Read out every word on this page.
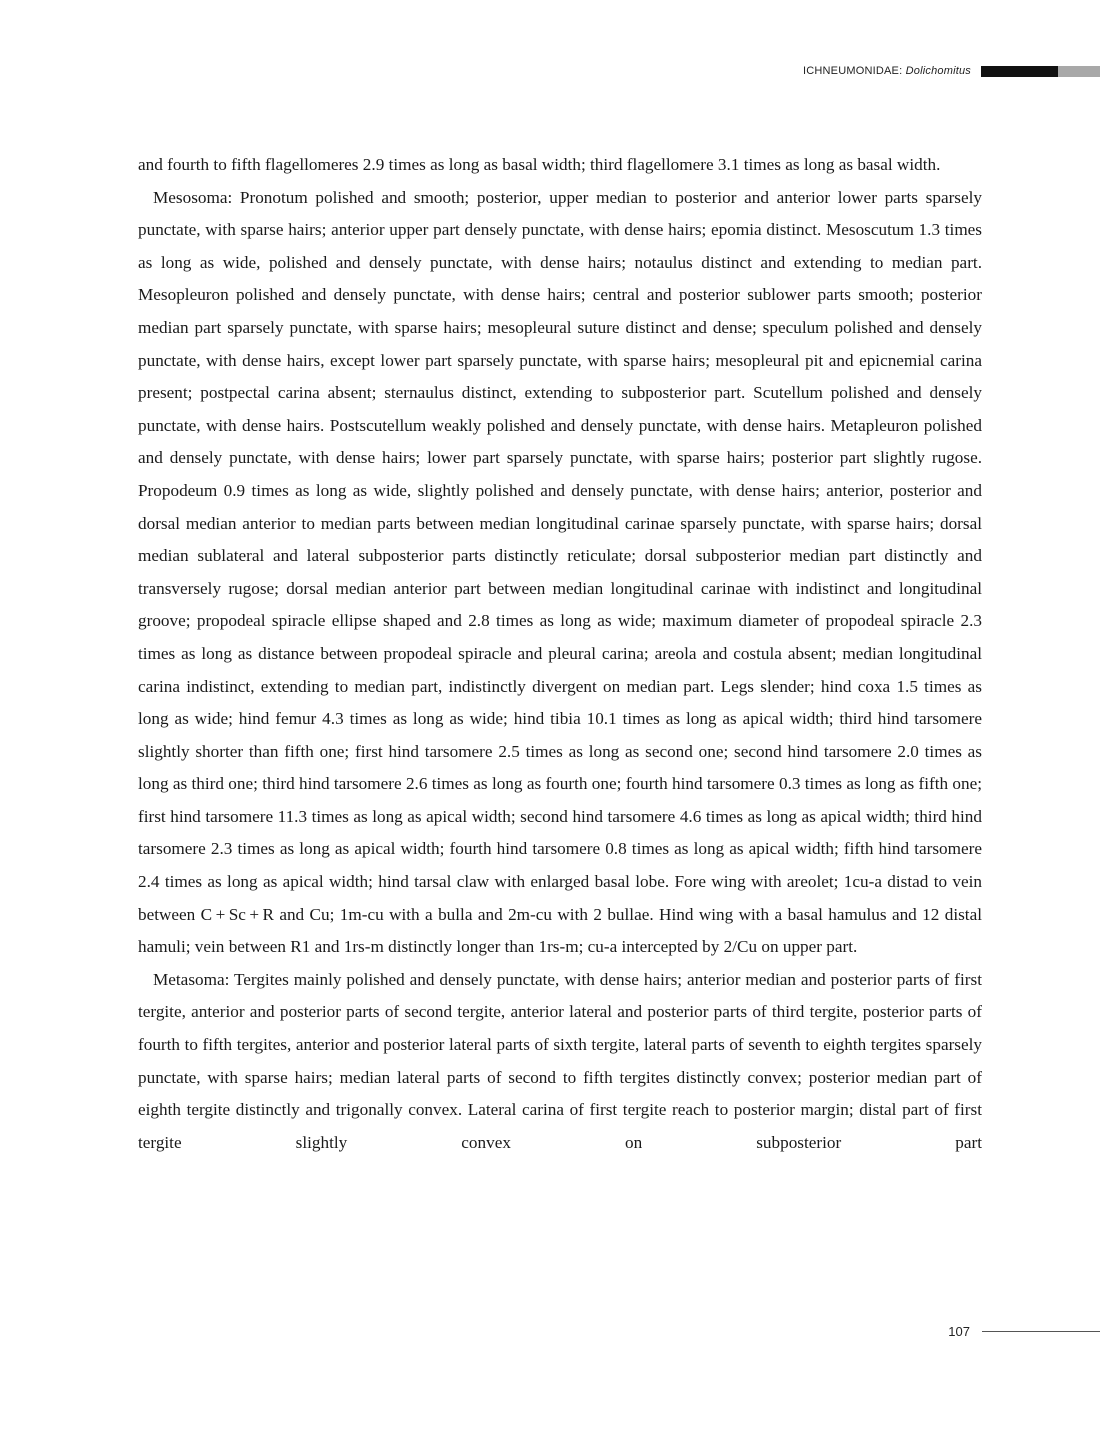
ICHNEUMONIDAE: Dolichomitus

and fourth to fifth flagellomeres 2.9 times as long as basal width; third flagellomere 3.1 times as long as basal width.

Mesosoma: Pronotum polished and smooth; posterior, upper median to posterior and anterior lower parts sparsely punctate, with sparse hairs; anterior upper part densely punctate, with dense hairs; epomia distinct. Mesoscutum 1.3 times as long as wide, polished and densely punctate, with dense hairs; notaulus distinct and extending to median part. Mesopleuron polished and densely punctate, with dense hairs; central and posterior sublower parts smooth; posterior median part sparsely punctate, with sparse hairs; mesopleural suture distinct and dense; speculum polished and densely punctate, with dense hairs, except lower part sparsely punctate, with sparse hairs; mesopleural pit and epicnemial carina present; postpectal carina absent; sternaulus distinct, extending to subposterior part. Scutellum polished and densely punctate, with dense hairs. Postscutellum weakly polished and densely punctate, with dense hairs. Metapleuron polished and densely punctate, with dense hairs; lower part sparsely punctate, with sparse hairs; posterior part slightly rugose. Propodeum 0.9 times as long as wide, slightly polished and densely punctate, with dense hairs; anterior, posterior and dorsal median anterior to median parts between median longitudinal carinae sparsely punctate, with sparse hairs; dorsal median sublateral and lateral subposterior parts distinctly reticulate; dorsal subposterior median part distinctly and transversely rugose; dorsal median anterior part between median longitudinal carinae with indistinct and longitudinal groove; propodeal spiracle ellipse shaped and 2.8 times as long as wide; maximum diameter of propodeal spiracle 2.3 times as long as distance between propodeal spiracle and pleural carina; areola and costula absent; median longitudinal carina indistinct, extending to median part, indistinctly divergent on median part. Legs slender; hind coxa 1.5 times as long as wide; hind femur 4.3 times as long as wide; hind tibia 10.1 times as long as apical width; third hind tarsomere slightly shorter than fifth one; first hind tarsomere 2.5 times as long as second one; second hind tarsomere 2.0 times as long as third one; third hind tarsomere 2.6 times as long as fourth one; fourth hind tarsomere 0.3 times as long as fifth one; first hind tarsomere 11.3 times as long as apical width; second hind tarsomere 4.6 times as long as apical width; third hind tarsomere 2.3 times as long as apical width; fourth hind tarsomere 0.8 times as long as apical width; fifth hind tarsomere 2.4 times as long as apical width; hind tarsal claw with enlarged basal lobe. Fore wing with areolet; 1cu-a distad to vein between C + Sc + R and Cu; 1m-cu with a bulla and 2m-cu with 2 bullae. Hind wing with a basal hamulus and 12 distal hamuli; vein between R1 and 1rs-m distinctly longer than 1rs-m; cu-a intercepted by 2/Cu on upper part.

Metasoma: Tergites mainly polished and densely punctate, with dense hairs; anterior median and posterior parts of first tergite, anterior and posterior parts of second tergite, anterior lateral and posterior parts of third tergite, posterior parts of fourth to fifth tergites, anterior and posterior lateral parts of sixth tergite, lateral parts of seventh to eighth tergites sparsely punctate, with sparse hairs; median lateral parts of second to fifth tergites distinctly convex; posterior median part of eighth tergite distinctly and trigonally convex. Lateral carina of first tergite reach to posterior margin; distal part of first tergite slightly convex on subposterior part

107
